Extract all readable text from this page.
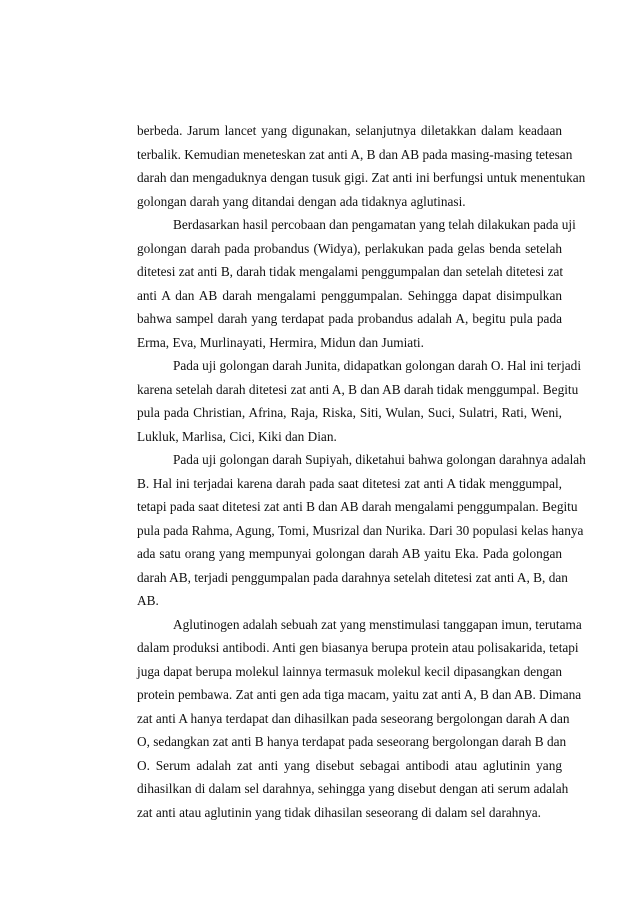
berbeda. Jarum lancet yang digunakan, selanjutnya diletakkan dalam keadaan
terbalik. Kemudian meneteskan zat anti A, B dan AB pada masing-masing tetesan
darah dan mengaduknya dengan tusuk gigi. Zat anti ini berfungsi untuk menentukan
golongan darah yang ditandai dengan ada tidaknya aglutinasi.
Berdasarkan hasil percobaan dan pengamatan yang telah dilakukan pada uji
golongan darah pada probandus (Widya), perlakukan pada gelas benda setelah
ditetesi zat anti B, darah tidak mengalami penggumpalan dan setelah ditetesi zat
anti A dan AB darah mengalami penggumpalan. Sehingga dapat disimpulkan
bahwa sampel darah yang terdapat pada probandus adalah A, begitu pula pada
Erma, Eva, Murlinayati, Hermira, Midun dan Jumiati.
Pada uji golongan darah Junita, didapatkan golongan darah O. Hal ini terjadi
karena setelah darah ditetesi zat anti A, B dan AB darah tidak menggumpal. Begitu
pula pada Christian, Afrina, Raja, Riska, Siti, Wulan, Suci, Sulatri, Rati, Weni,
Lukluk, Marlisa, Cici, Kiki dan Dian.
Pada uji golongan darah Supiyah, diketahui bahwa golongan darahnya adalah
B. Hal ini terjadai karena darah pada saat ditetesi zat anti A tidak menggumpal,
tetapi pada saat ditetesi zat anti B dan AB darah mengalami penggumpalan. Begitu
pula pada Rahma, Agung, Tomi, Musrizal dan Nurika. Dari 30 populasi kelas hanya
ada satu orang yang mempunyai golongan darah AB yaitu Eka. Pada golongan
darah AB, terjadi penggumpalan pada darahnya setelah ditetesi zat anti A, B, dan
AB.
Aglutinogen adalah sebuah zat yang menstimulasi tanggapan imun, terutama
dalam produksi antibodi. Anti gen biasanya berupa protein atau polisakarida, tetapi
juga dapat berupa molekul lainnya termasuk molekul kecil dipasangkan dengan
protein pembawa. Zat anti gen ada tiga macam, yaitu zat anti A, B dan AB. Dimana
zat anti A hanya terdapat dan dihasilkan pada seseorang bergolongan darah A dan
O, sedangkan zat anti B hanya terdapat pada seseorang bergolongan darah B dan
O. Serum adalah zat anti yang disebut sebagai antibodi atau aglutinin yang
dihasilkan di dalam sel darahnya, sehingga yang disebut dengan ati serum adalah
zat anti atau aglutinin yang tidak dihasilan seseorang di dalam sel darahnya.
